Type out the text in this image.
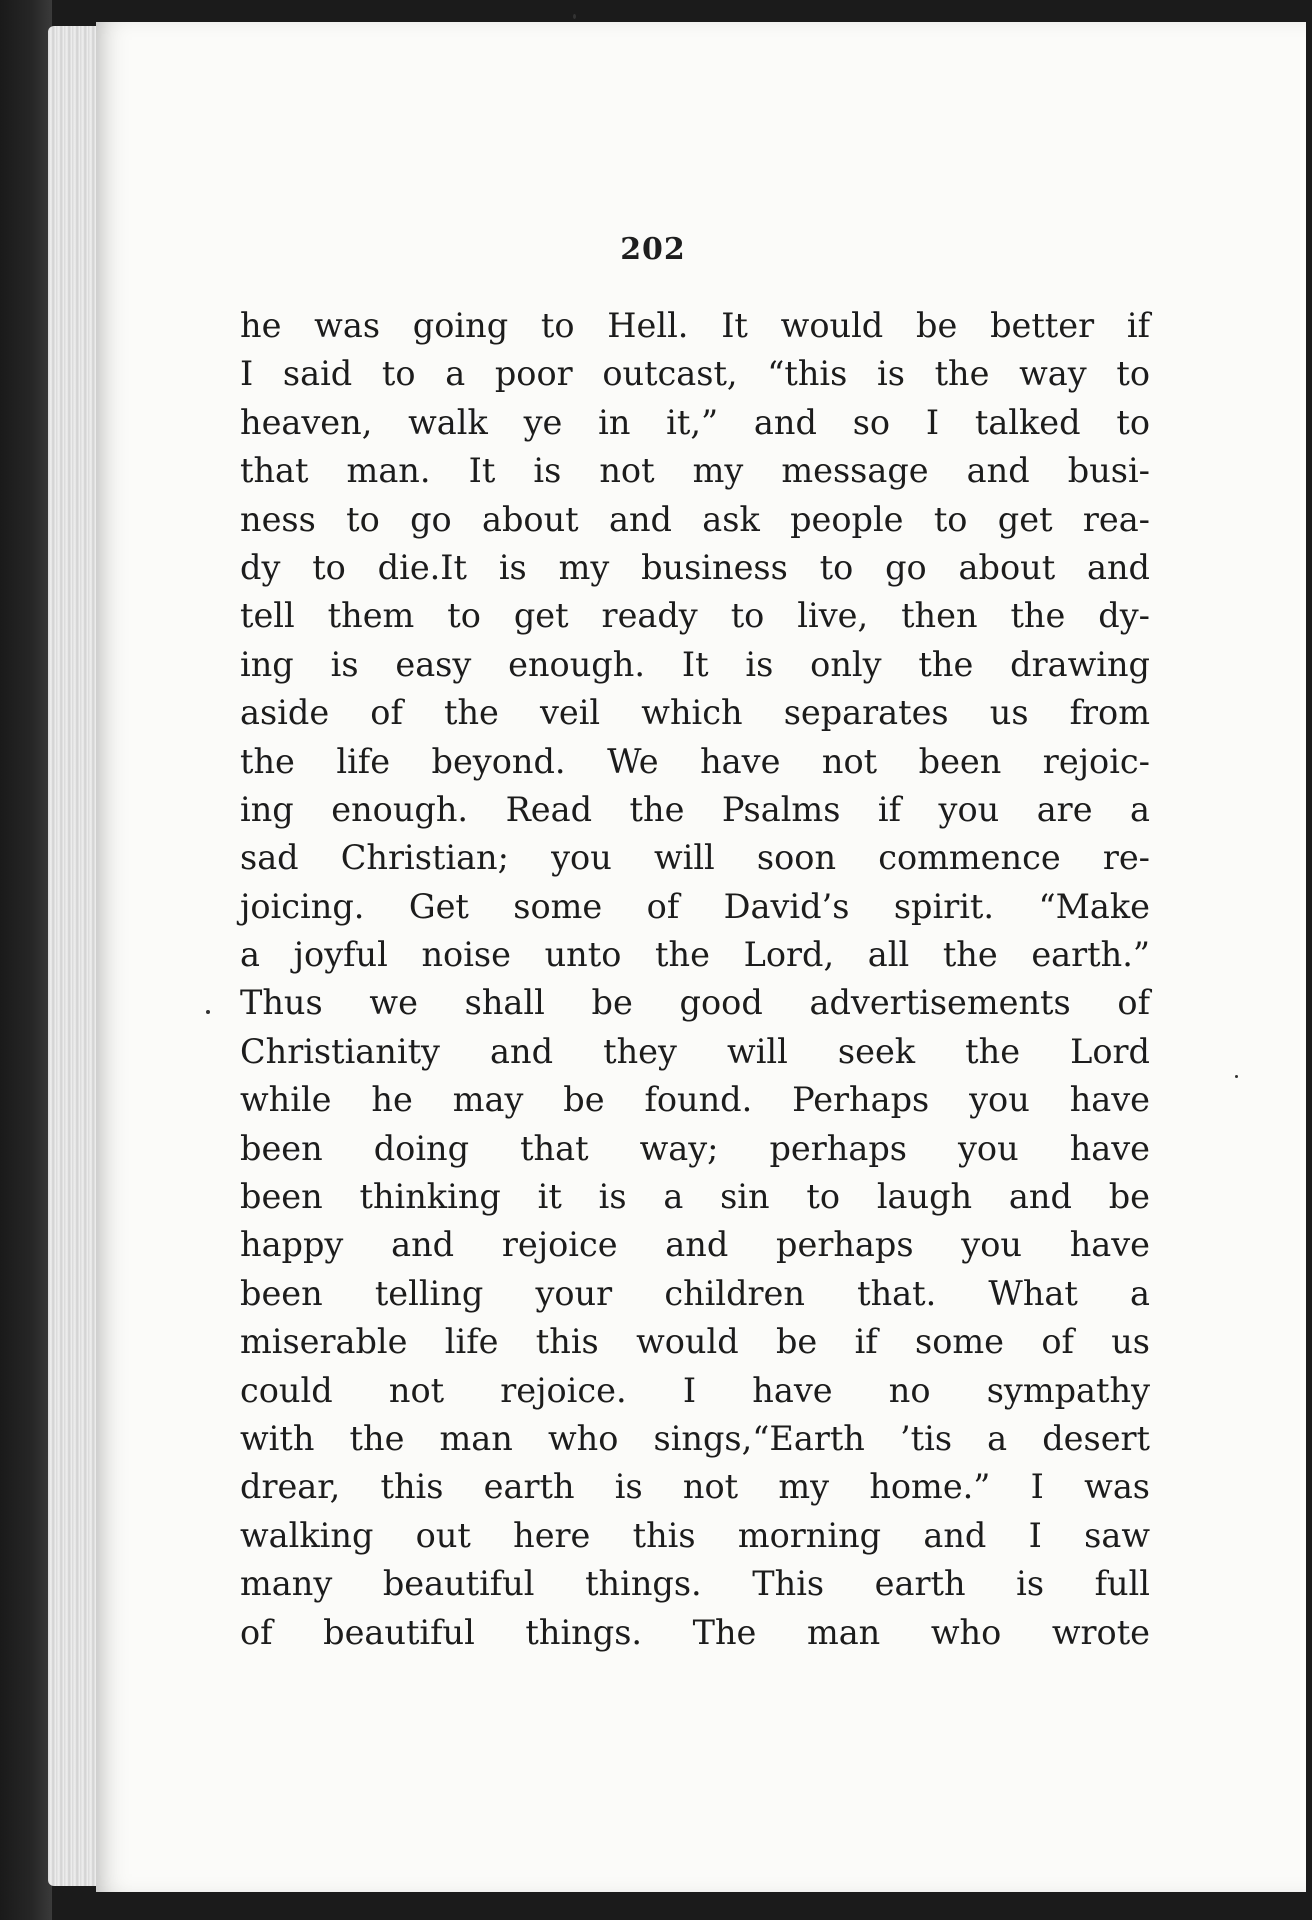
202
he was going to Hell. It would be better if
I said to a poor outcast, “this is the way to
heaven, walk ye in it,” and so I talked to
that man. It is not my message and busi-
ness to go about and ask people to get rea-
dy to die.It is my business to go about and
tell them to get ready to live, then the dy-
ing is easy enough. It is only the drawing
aside of the veil which separates us from
the life beyond. We have not been rejoic-
ing enough. Read the Psalms if you are a
sad Christian; you will soon commence re-
joicing. Get some of David’s spirit. “Make
a joyful noise unto the Lord, all the earth.”
Thus we shall be good advertisements of
Christianity and they will seek the Lord
while he may be found. Perhaps you have
been doing that way; perhaps you have
been thinking it is a sin to laugh and be
happy and rejoice and perhaps you have
been telling your children that. What a
miserable life this would be if some of us
could not rejoice. I have no sympathy
with the man who sings,“Earth ’tis a desert
drear, this earth is not my home.” I was
walking out here this morning and I saw
many beautiful things. This earth is full
of beautiful things. The man who wrote
